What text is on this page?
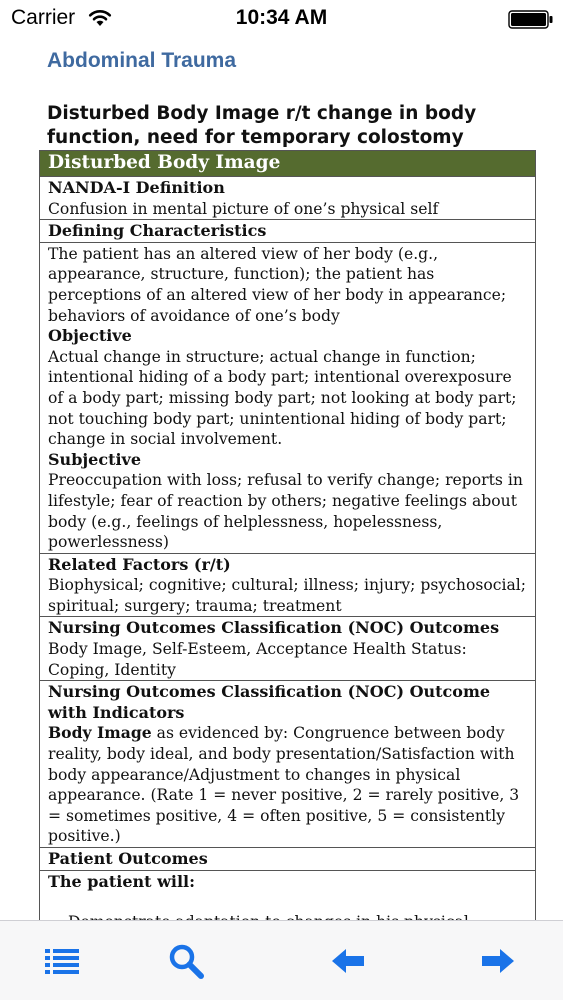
Carrier	10:34 AM
Abdominal Trauma
Disturbed Body Image r/t change in body function, need for temporary colostomy
Disturbed Body Image
NANDA-I Definition
Confusion in mental picture of one’s physical self
Defining Characteristics
The patient has an altered view of her body (e.g., appearance, structure, function); the patient has perceptions of an altered view of her body in appearance; behaviors of avoidance of one’s body
Objective
Actual change in structure; actual change in function; intentional hiding of a body part; intentional overexposure of a body part; missing body part; not looking at body part; not touching body part; unintentional hiding of body part; change in social involvement.
Subjective
Preoccupation with loss; refusal to verify change; reports in lifestyle; fear of reaction by others; negative feelings about body (e.g., feelings of helplessness, hopelessness, powerlessness)
Related Factors (r/t)
Biophysical; cognitive; cultural; illness; injury; psychosocial; spiritual; surgery; trauma; treatment
Nursing Outcomes Classification (NOC) Outcomes
Body Image, Self-Esteem, Acceptance Health Status: Coping, Identity
Nursing Outcomes Classification (NOC) Outcome with Indicators
Body Image as evidenced by: Congruence between body reality, body ideal, and body presentation/Satisfaction with body appearance/Adjustment to changes in physical appearance. (Rate 1 = never positive, 2 = rarely positive, 3 = sometimes positive, 4 = often positive, 5 = consistently positive.)
Patient Outcomes
The patient will:
•
